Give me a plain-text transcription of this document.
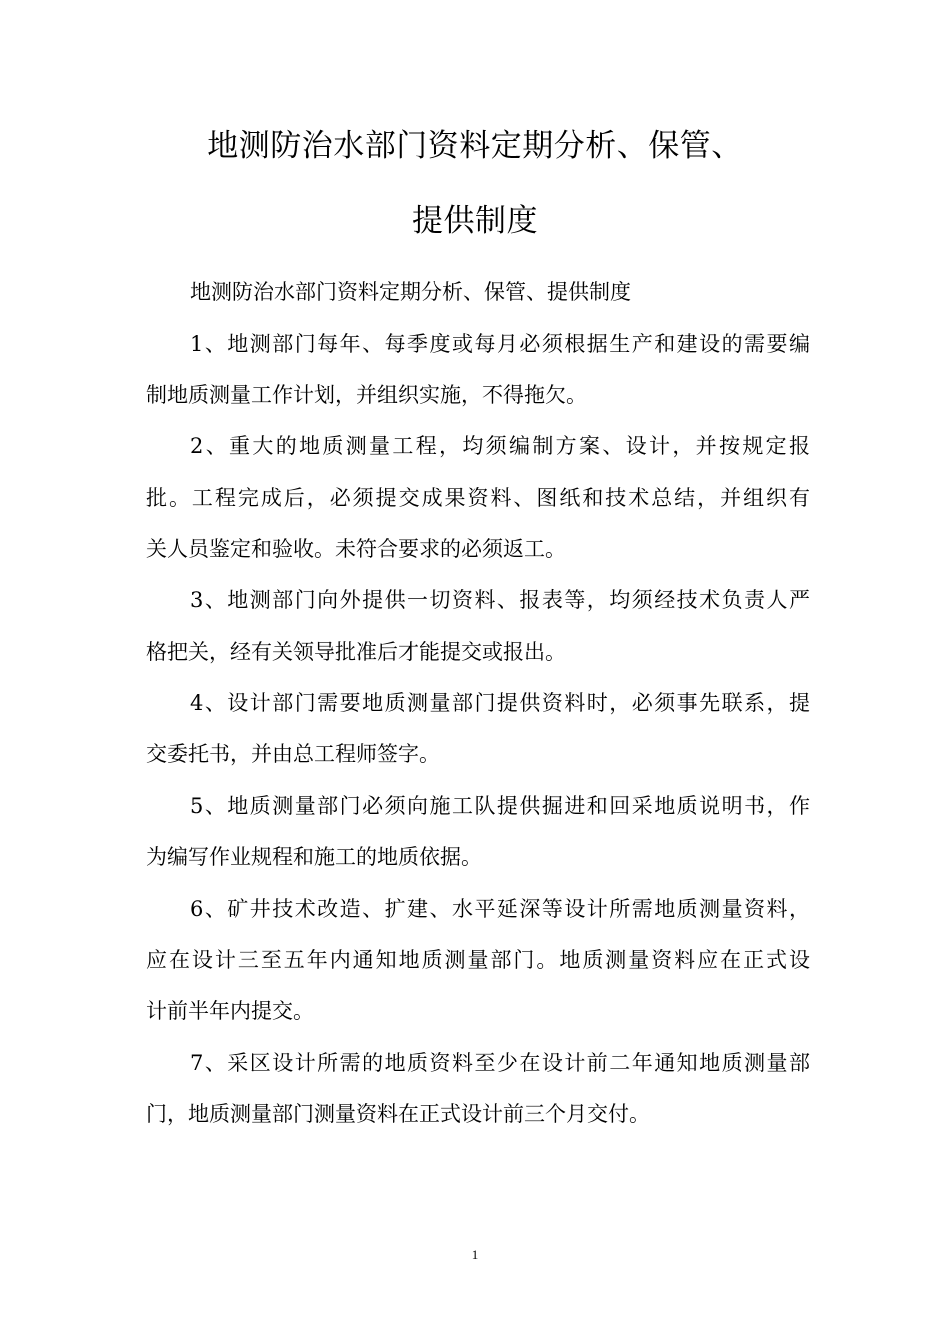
地测防治水部门资料定期分析、保管、
提供制度
地测防治水部门资料定期分析、保管、提供制度
1、地测部门每年、每季度或每月必须根据生产和建设的需要编
制地质测量工作计划，并组织实施，不得拖欠。
2、重大的地质测量工程，均须编制方案、设计，并按规定报
批。工程完成后，必须提交成果资料、图纸和技术总结，并组织有
关人员鉴定和验收。未符合要求的必须返工。
3、地测部门向外提供一切资料、报表等，均须经技术负责人严
格把关，经有关领导批准后才能提交或报出。
4、设计部门需要地质测量部门提供资料时，必须事先联系，提
交委托书，并由总工程师签字。
5、地质测量部门必须向施工队提供掘进和回采地质说明书，作
为编写作业规程和施工的地质依据。
6、矿井技术改造、扩建、水平延深等设计所需地质测量资料，
应在设计三至五年内通知地质测量部门。地质测量资料应在正式设
计前半年内提交。
7、采区设计所需的地质资料至少在设计前二年通知地质测量部
门，地质测量部门测量资料在正式设计前三个月交付。
1
